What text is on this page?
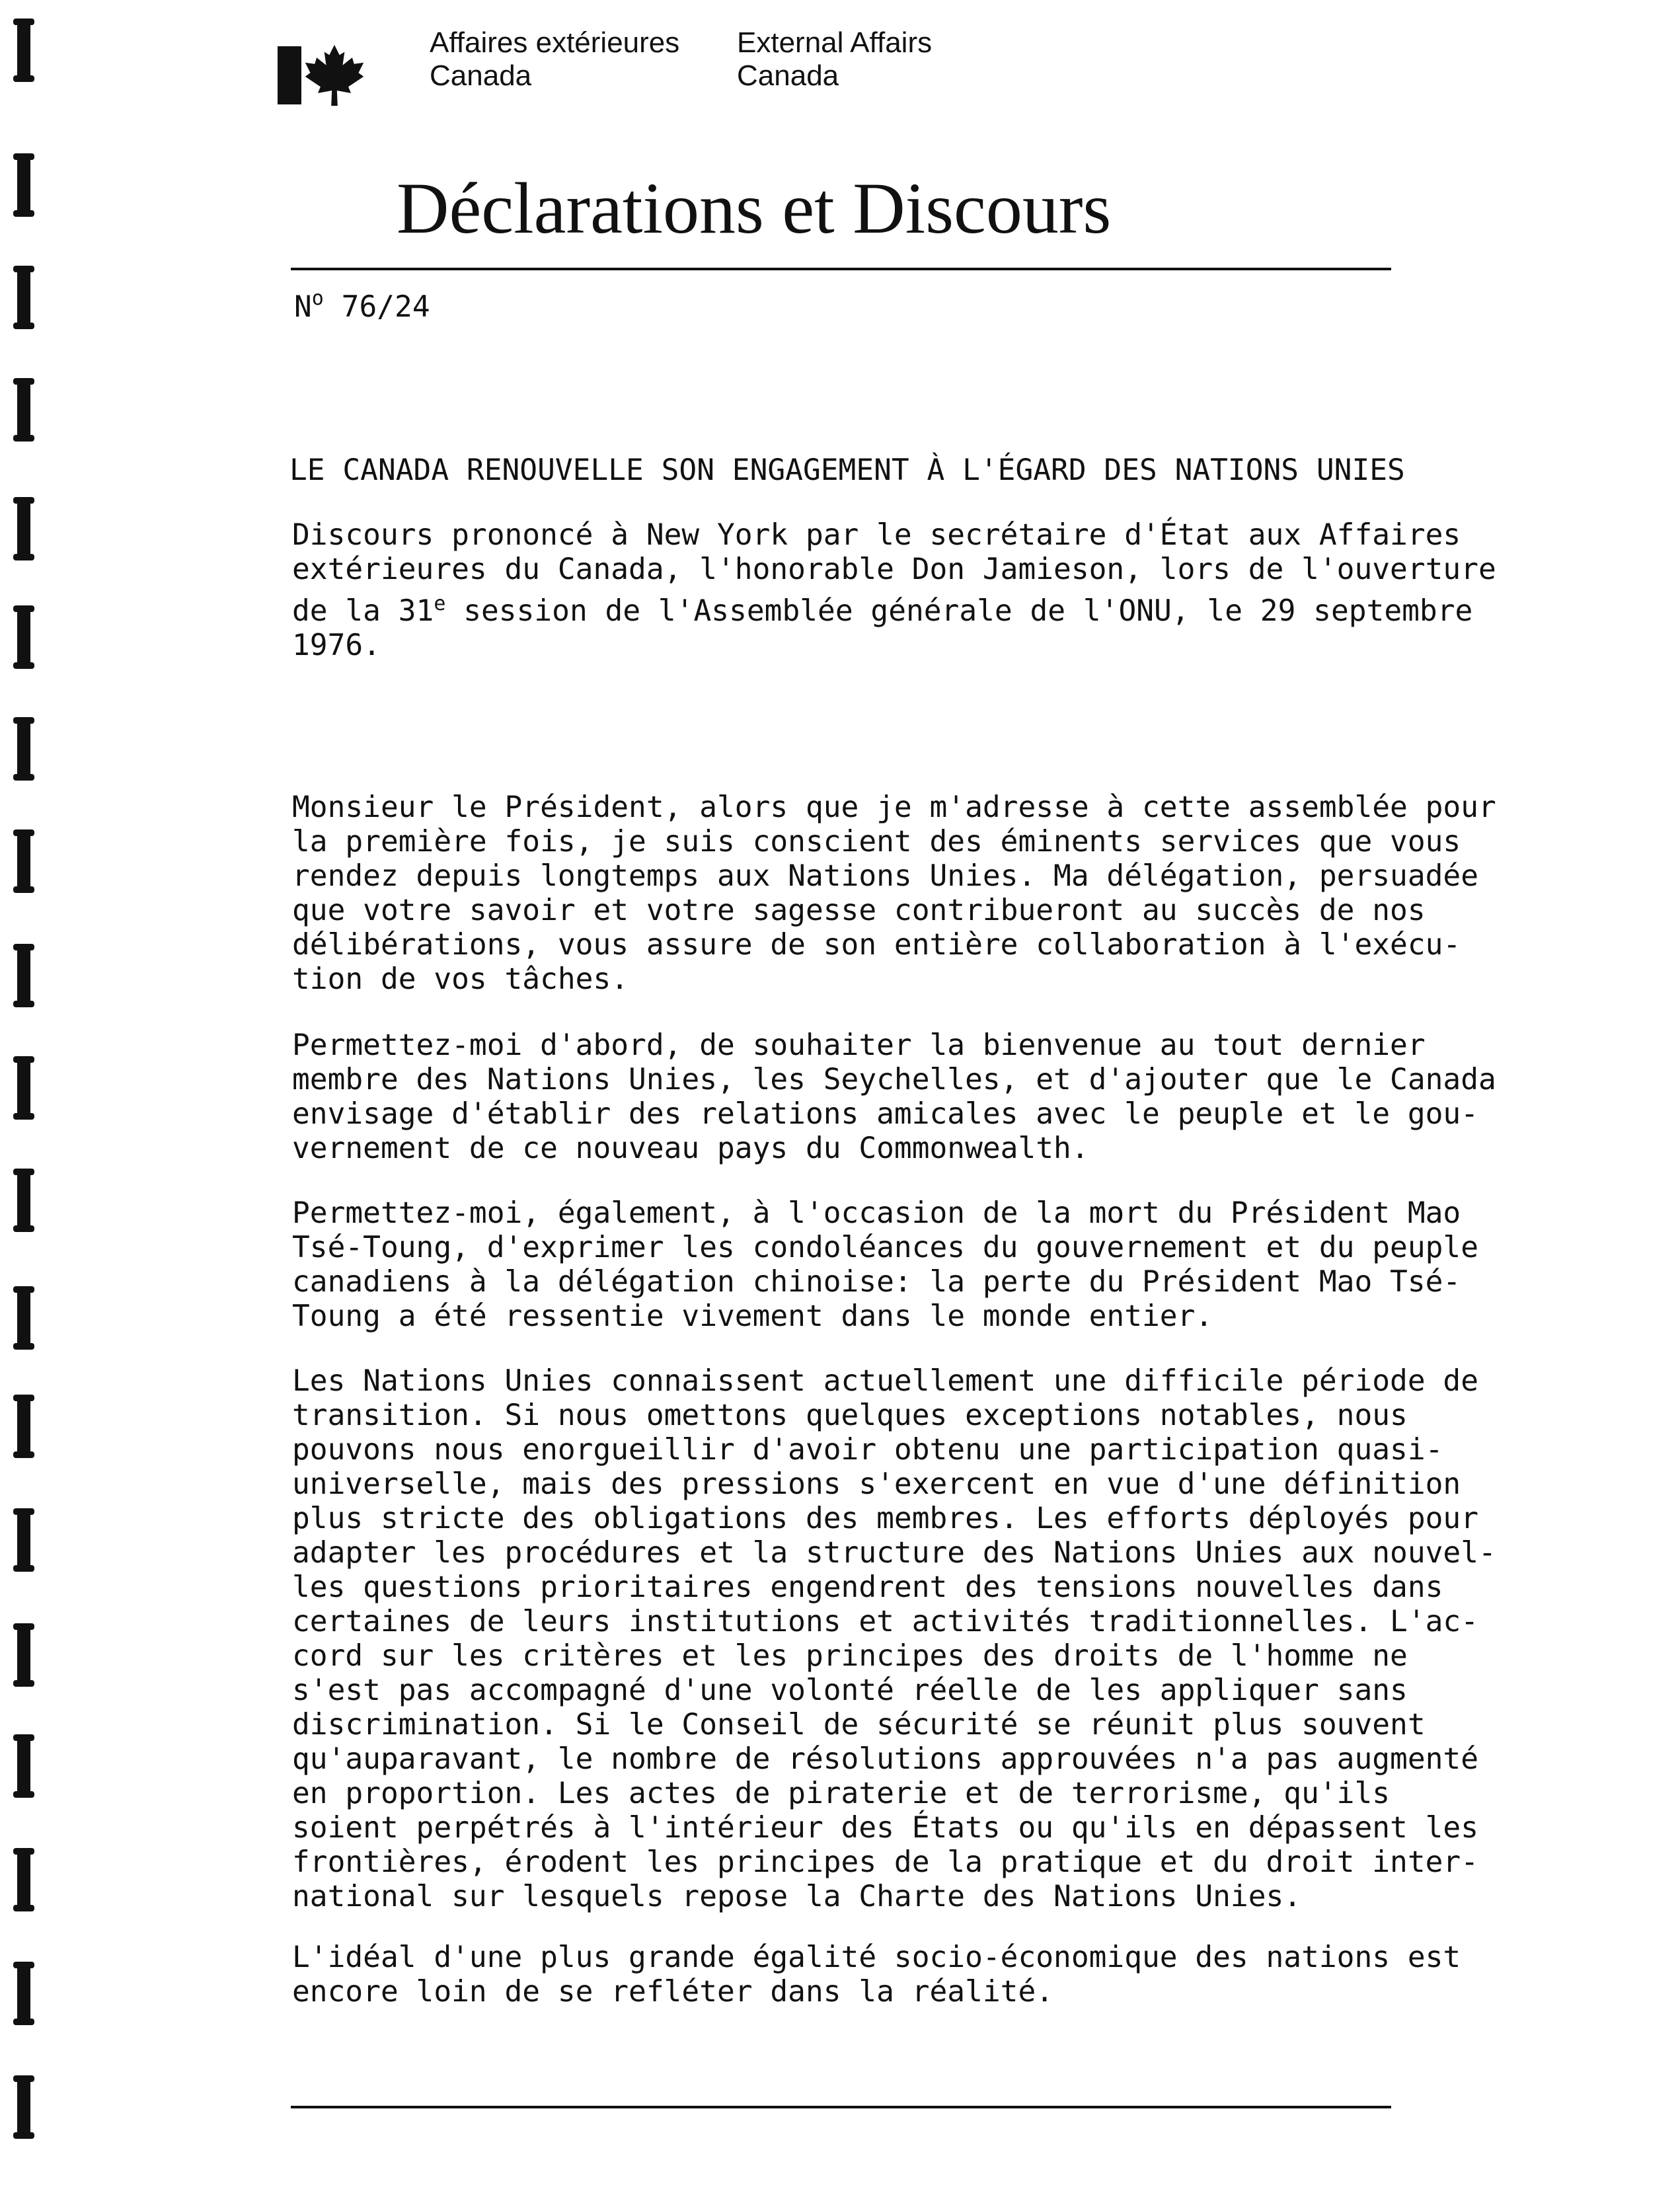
Affaires extérieures
Canada
External Affairs
Canada
Déclarations et Discours
$N^o$ 76/24
LE CANADA RENOUVELLE SON ENGAGEMENT À L'ÉGARD DES NATIONS UNIES
Discours prononcé à New York par le secrétaire d'État aux Affaires
extérieures du Canada, l'honorable Don Jamieson, lors de l'ouverture
de la 31e session de l'Assemblée générale de l'ONU, le 29 septembre
1976.
Monsieur le Président, alors que je m'adresse à cette assemblée pour
la première fois, je suis conscient des éminents services que vous
rendez depuis longtemps aux Nations Unies. Ma délégation, persuadée
que votre savoir et votre sagesse contribueront au succès de nos
délibérations, vous assure de son entière collaboration à l'exécu-
tion de vos tâches.
Permettez-moi d'abord, de souhaiter la bienvenue au tout dernier
membre des Nations Unies, les Seychelles, et d'ajouter que le Canada
envisage d'établir des relations amicales avec le peuple et le gou-
vernement de ce nouveau pays du Commonwealth.
Permettez-moi, également, à l'occasion de la mort du Président Mao
Tsé-Toung, d'exprimer les condoléances du gouvernement et du peuple
canadiens à la délégation chinoise: la perte du Président Mao Tsé-
Toung a été ressentie vivement dans le monde entier.
Les Nations Unies connaissent actuellement une difficile période de
transition. Si nous omettons quelques exceptions notables, nous
pouvons nous enorgueillir d'avoir obtenu une participation quasi-
universelle, mais des pressions s'exercent en vue d'une définition
plus stricte des obligations des membres. Les efforts déployés pour
adapter les procédures et la structure des Nations Unies aux nouvel-
les questions prioritaires engendrent des tensions nouvelles dans
certaines de leurs institutions et activités traditionnelles. L'ac-
cord sur les critères et les principes des droits de l'homme ne
s'est pas accompagné d'une volonté réelle de les appliquer sans
discrimination. Si le Conseil de sécurité se réunit plus souvent
qu'auparavant, le nombre de résolutions approuvées n'a pas augmenté
en proportion. Les actes de piraterie et de terrorisme, qu'ils
soient perpétrés à l'intérieur des États ou qu'ils en dépassent les
frontières, érodent les principes de la pratique et du droit inter-
national sur lesquels repose la Charte des Nations Unies.
L'idéal d'une plus grande égalité socio-économique des nations est
encore loin de se refléter dans la réalité.
